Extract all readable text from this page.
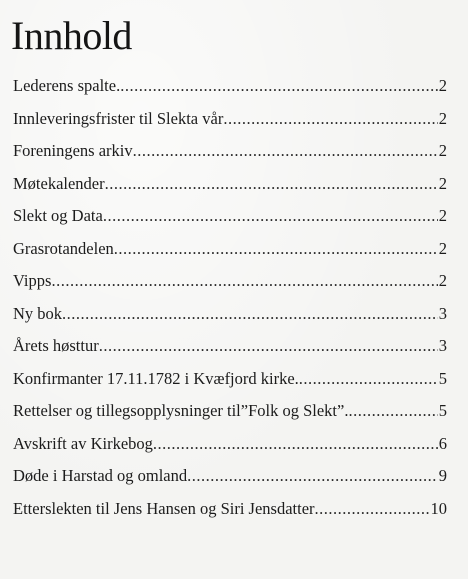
Innhold
Lederens spalte. .....	2
Innleveringsfrister til Slekta vår .....	2
Foreningens arkiv .....	2
Møtekalender .....	2
Slekt og Data .....	2
Grasrotandelen .....	2
Vipps .....	2
Ny bok .....	3
Årets høsttur .....	3
Konfirmanter 17.11.1782 i Kvæfjord kirke. .....	5
Rettelser og tillegsopplysninger til”Folk og Slekt”. .....	5
Avskrift av Kirkebog .....	6
Døde i Harstad og omland .....	9
Etterslekten til Jens Hansen og Siri Jensdatter .....	10
